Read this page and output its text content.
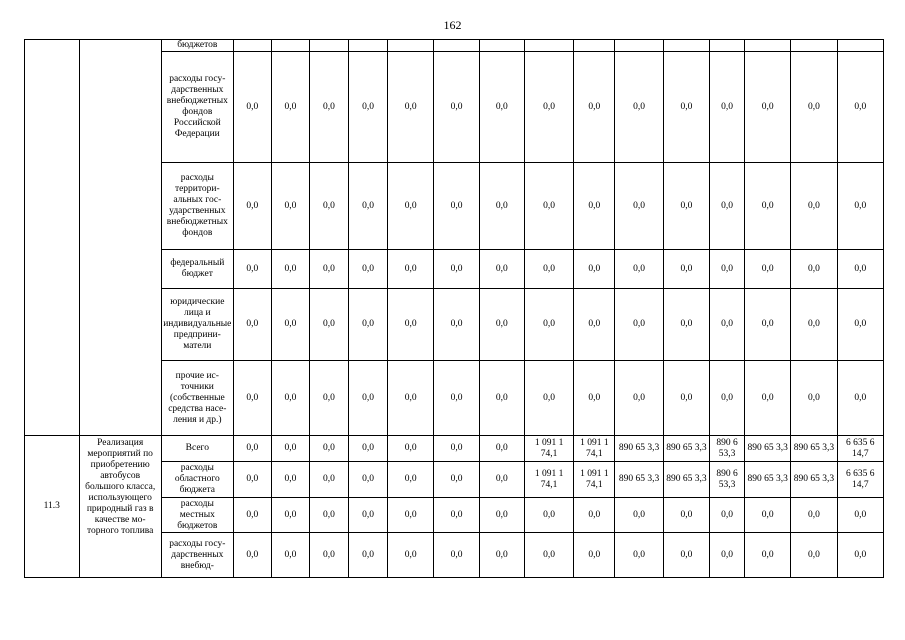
162
		бюджетов															
		расходы государственных внебюджетных фондов Российской Федерации	0,0	0,0	0,0	0,0	0,0	0,0	0,0	0,0	0,0	0,0	0,0	0,0	0,0	0,0	0,0
		расходы территориальных государственных внебюджетных фондов	0,0	0,0	0,0	0,0	0,0	0,0	0,0	0,0	0,0	0,0	0,0	0,0	0,0	0,0	0,0
		федеральный бюджет	0,0	0,0	0,0	0,0	0,0	0,0	0,0	0,0	0,0	0,0	0,0	0,0	0,0	0,0	0,0
		юридические лица и индивидуальные предприниматели	0,0	0,0	0,0	0,0	0,0	0,0	0,0	0,0	0,0	0,0	0,0	0,0	0,0	0,0	0,0
		прочие источники (собственные средства населения и др.)	0,0	0,0	0,0	0,0	0,0	0,0	0,0	0,0	0,0	0,0	0,0	0,0	0,0	0,0	0,0
11.3	Реализация мероприятий по приобретению автобусов большого класса, использующего природный газ в качестве моторного топлива	Всего	0,0	0,0	0,0	0,0	0,0	0,0	0,0	1 091 1 74,1	1 091 1 74,1	890 65 3,3	890 65 3,3	890 6 53,3	890 65 3,3	890 65 3,3	6 635 6 14,7
		расходы областного бюджета	0,0	0,0	0,0	0,0	0,0	0,0	0,0	1 091 1 74,1	1 091 1 74,1	890 65 3,3	890 65 3,3	890 6 53,3	890 65 3,3	890 65 3,3	6 635 6 14,7
		расходы местных бюджетов	0,0	0,0	0,0	0,0	0,0	0,0	0,0	0,0	0,0	0,0	0,0	0,0	0,0	0,0	0,0
		расходы государственных внебюд-	0,0	0,0	0,0	0,0	0,0	0,0	0,0	0,0	0,0	0,0	0,0	0,0	0,0	0,0	0,0
